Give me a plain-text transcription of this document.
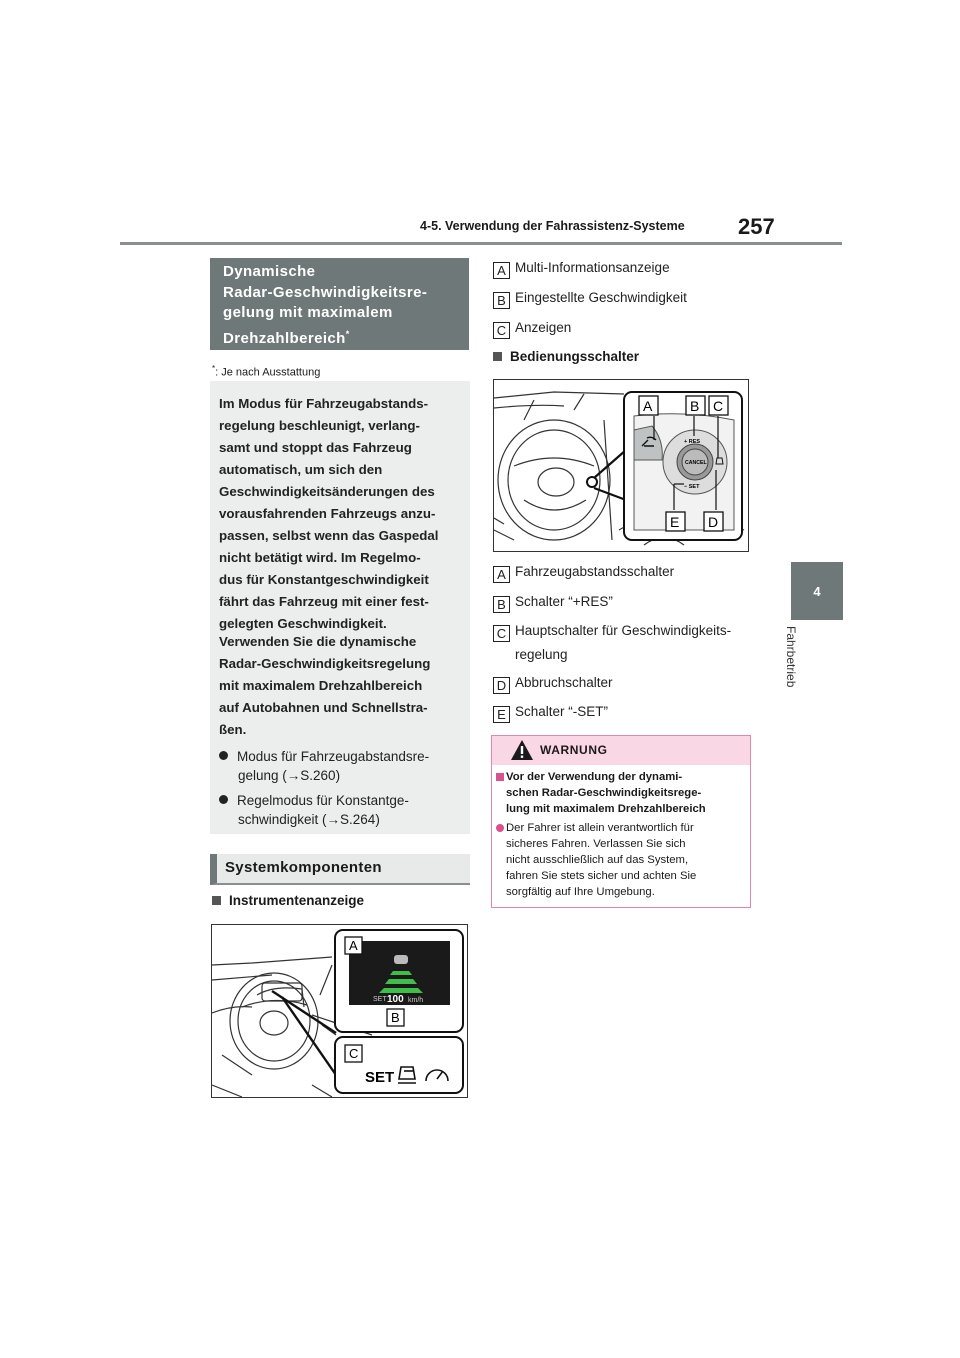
4-5. Verwendung der Fahrassistenz-Systeme 257
4
Fahrbetrieb
Dynamische
Radar-Geschwindigkeitsre-
gelung mit maximalem
Drehzahlbereich*
*: Je nach Ausstattung
Im Modus für Fahrzeugabstands-
regelung beschleunigt, verlang-
samt und stoppt das Fahrzeug
automatisch, um sich den
Geschwindigkeitsänderungen des
vorausfahrenden Fahrzeugs anzu-
passen, selbst wenn das Gaspedal
nicht betätigt wird. Im Regelmo-
dus für Konstantgeschwindigkeit
fährt das Fahrzeug mit einer fest-
gelegten Geschwindigkeit.
Verwenden Sie die dynamische
Radar-Geschwindigkeitsregelung
mit maximalem Drehzahlbereich
auf Autobahnen und Schnellstra-
ßen.
Modus für Fahrzeugabstandsre-
gelung (→S.260)
Regelmodus für Konstantge-
schwindigkeit (→S.264)
Systemkomponenten
Instrumentenanzeige
SET 100 km/h
A
B
C
SET
A Multi-Informationsanzeige
B Eingestellte Geschwindigkeit
C Anzeigen
Bedienungsschalter
CANCEL
+ RES
− SET
A	B C
E D
A Fahrzeugabstandsschalter
B Schalter “+RES”
C Hauptschalter für Geschwindigkeits-
regelung
D Abbruchschalter
E Schalter “-SET”
WARNUNG
Vor der Verwendung der dynami-
schen Radar-Geschwindigkeitsrege-
lung mit maximalem Drehzahlbereich
Der Fahrer ist allein verantwortlich für
sicheres Fahren. Verlassen Sie sich
nicht ausschließlich auf das System,
fahren Sie stets sicher und achten Sie
sorgfältig auf Ihre Umgebung.
